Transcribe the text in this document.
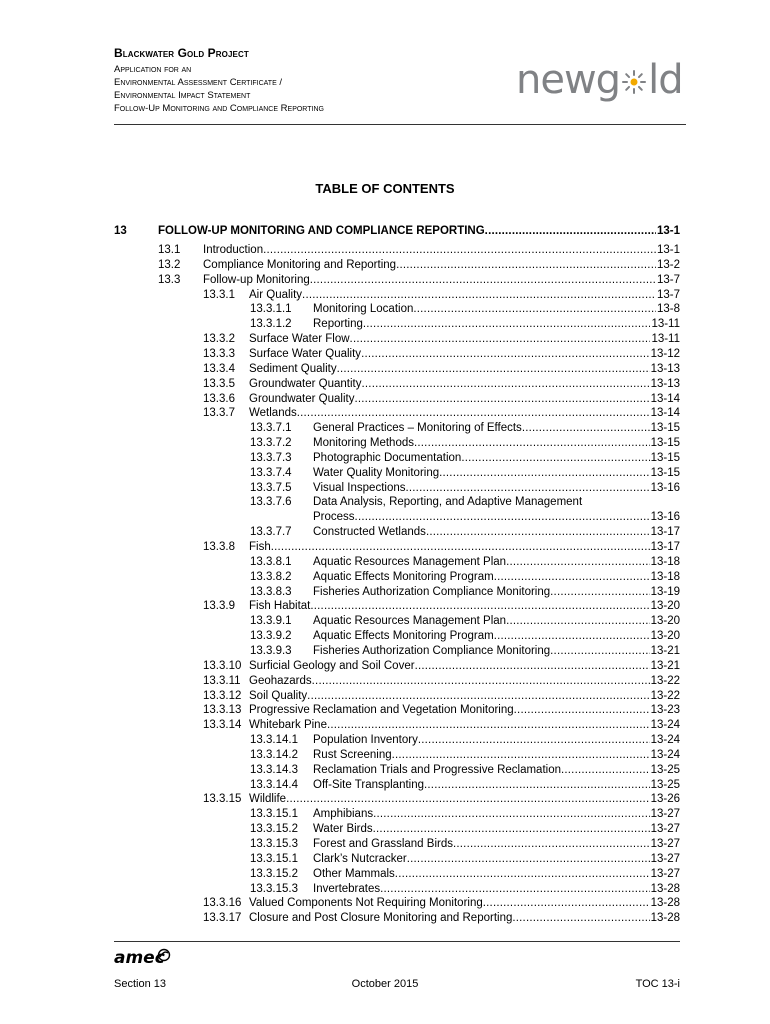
Blackwater Gold Project
Application for an
Environmental Assessment Certificate /
Environmental Impact Statement
Follow-Up Monitoring and Compliance Reporting
newg ld
TABLE OF CONTENTS
13	FOLLOW-UP MONITORING AND COMPLIANCE REPORTING .....	13-1
13.1 Introduction .....	13-1
13.2 Compliance Monitoring and Reporting .....	13-2
13.3 Follow-up Monitoring .....	13-7
13.3.1 Air Quality .....	13-7
13.3.1.1 Monitoring Location .....	13-8
13.3.1.2 Reporting .....	13-11
13.3.2 Surface Water Flow .....	13-11
13.3.3 Surface Water Quality .....	13-12
13.3.4 Sediment Quality .....	13-13
13.3.5 Groundwater Quantity .....	13-13
13.3.6 Groundwater Quality .....	13-14
13.3.7 Wetlands .....	13-14
13.3.7.1 General Practices – Monitoring of Effects .....	13-15
13.3.7.2 Monitoring Methods .....	13-15
13.3.7.3 Photographic Documentation .....	13-15
13.3.7.4 Water Quality Monitoring .....	13-15
13.3.7.5 Visual Inspections .....	13-16
13.3.7.6 Data Analysis, Reporting, and Adaptive Management
Process .....	13-16
13.3.7.7 Constructed Wetlands .....	13-17
13.3.8 Fish .....	13-17
13.3.8.1 Aquatic Resources Management Plan .....	13-18
13.3.8.2 Aquatic Effects Monitoring Program .....	13-18
13.3.8.3 Fisheries Authorization Compliance Monitoring .....	13-19
13.3.9 Fish Habitat .....	13-20
13.3.9.1 Aquatic Resources Management Plan .....	13-20
13.3.9.2 Aquatic Effects Monitoring Program .....	13-20
13.3.9.3 Fisheries Authorization Compliance Monitoring .....	13-21
13.3.10 Surficial Geology and Soil Cover .....	13-21
13.3.11 Geohazards .....	13-22
13.3.12 Soil Quality .....	13-22
13.3.13 Progressive Reclamation and Vegetation Monitoring .....	13-23
13.3.14 Whitebark Pine .....	13-24
13.3.14.1 Population Inventory .....	13-24
13.3.14.2 Rust Screening .....	13-24
13.3.14.3 Reclamation Trials and Progressive Reclamation .....	13-25
13.3.14.4 Off-Site Transplanting .....	13-25
13.3.15 Wildlife .....	13-26
13.3.15.1 Amphibians .....	13-27
13.3.15.2 Water Birds .....	13-27
13.3.15.3 Forest and Grassland Birds .....	13-27
13.3.15.1 Clark’s Nutcracker .....	13-27
13.3.15.2 Other Mammals .....	13-27
13.3.15.3 Invertebrates .....	13-28
13.3.16 Valued Components Not Requiring Monitoring .....	13-28
13.3.17 Closure and Post Closure Monitoring and Reporting .....	13-28
amec
Section 13	October 2015	TOC 13-i
